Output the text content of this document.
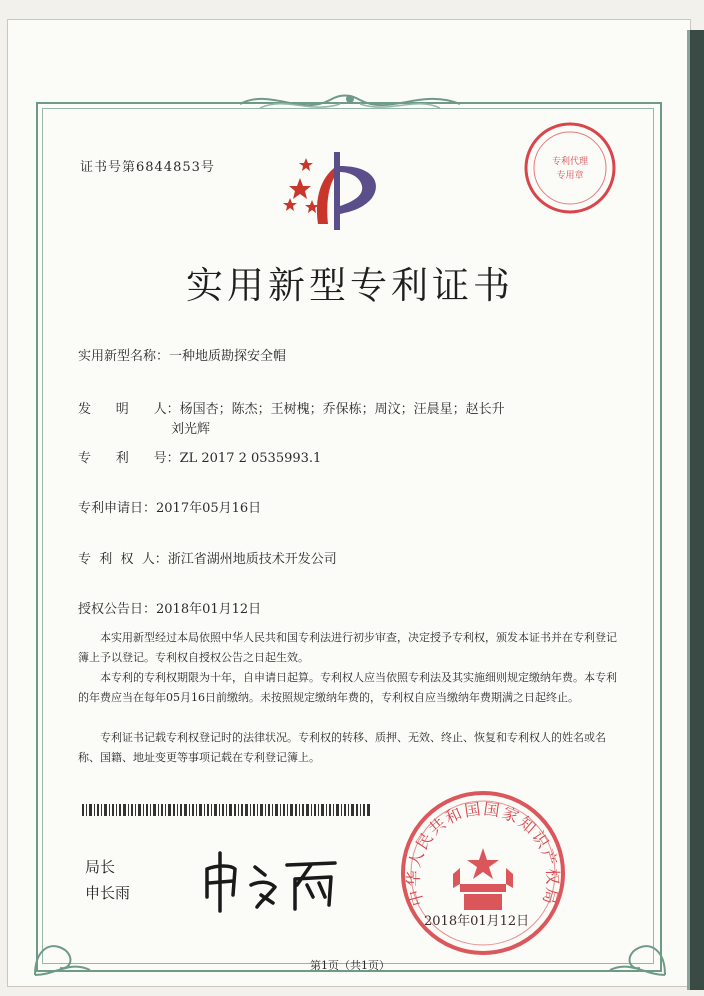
证书号第6844853号	专利代理
专用章
实用新型专利证书
实用新型名称：一种地质勘探安全帽
发      明      人：杨国杏；陈杰；王树槐；乔保栋；周汶；汪晨星；赵长升
刘光辉
专      利      号：ZL 2017 2 0535993.1
专利申请日：2017年05月16日
专  利  权  人：浙江省湖州地质技术开发公司
授权公告日：2018年01月12日
本实用新型经过本局依照中华人民共和国专利法进行初步审查，决定授予专利权，颁发本证书并在专利登记簿上予以登记。专利权自授权公告之日起生效。
本专利的专利权期限为十年，自申请日起算。专利权人应当依照专利法及其实施细则规定缴纳年费。本专利的年费应当在每年05月16日前缴纳。未按照规定缴纳年费的，专利权自应当缴纳年费期满之日起终止。
专利证书记载专利权登记时的法律状况。专利权的转移、质押、无效、终止、恢复和专利权人的姓名或名称、国籍、地址变更等事项记载在专利登记簿上。
局长
申长雨	中华人民共和国国家知识产权局
2018年01月12日
第1页（共1页）
